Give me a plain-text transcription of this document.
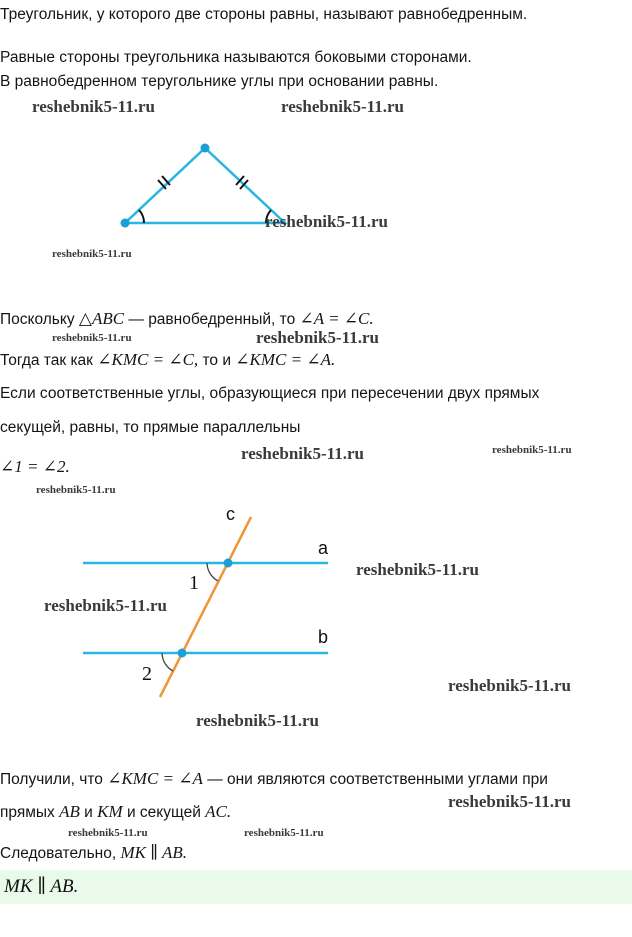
Треугольник, у которого две стороны равны, называют равнобедренным.
Равные стороны треугольника называются боковыми сторонами.
В равнобедренном теругольнике углы при основании равны.
Поскольку △ABC — равнобедренный, то ∠A = ∠C.
Тогда так как ∠KMC = ∠C, то и ∠KMC = ∠A.
Если соответственные углы, образующиеся при пересечении двух прямых
секущей, равны, то прямые параллельны
∠1 = ∠2.
c
a
b
1
2
Получили, что ∠KMC = ∠A — они являются соответственными углами при
прямых AB и KM и секущей AC.
Следовательно, MK ∥ AB.
MK ∥ AB.
reshebnik5-11.ru	reshebnik5-11.ru
reshebnik5-11.ru
reshebnik5-11.ru
reshebnik5-11.ru	reshebnik5-11.ru
reshebnik5-11.ru	reshebnik5-11.ru
reshebnik5-11.ru
reshebnik5-11.ru
reshebnik5-11.ru
reshebnik5-11.ru
reshebnik5-11.ru
reshebnik5-11.ru
reshebnik5-11.ru	reshebnik5-11.ru
